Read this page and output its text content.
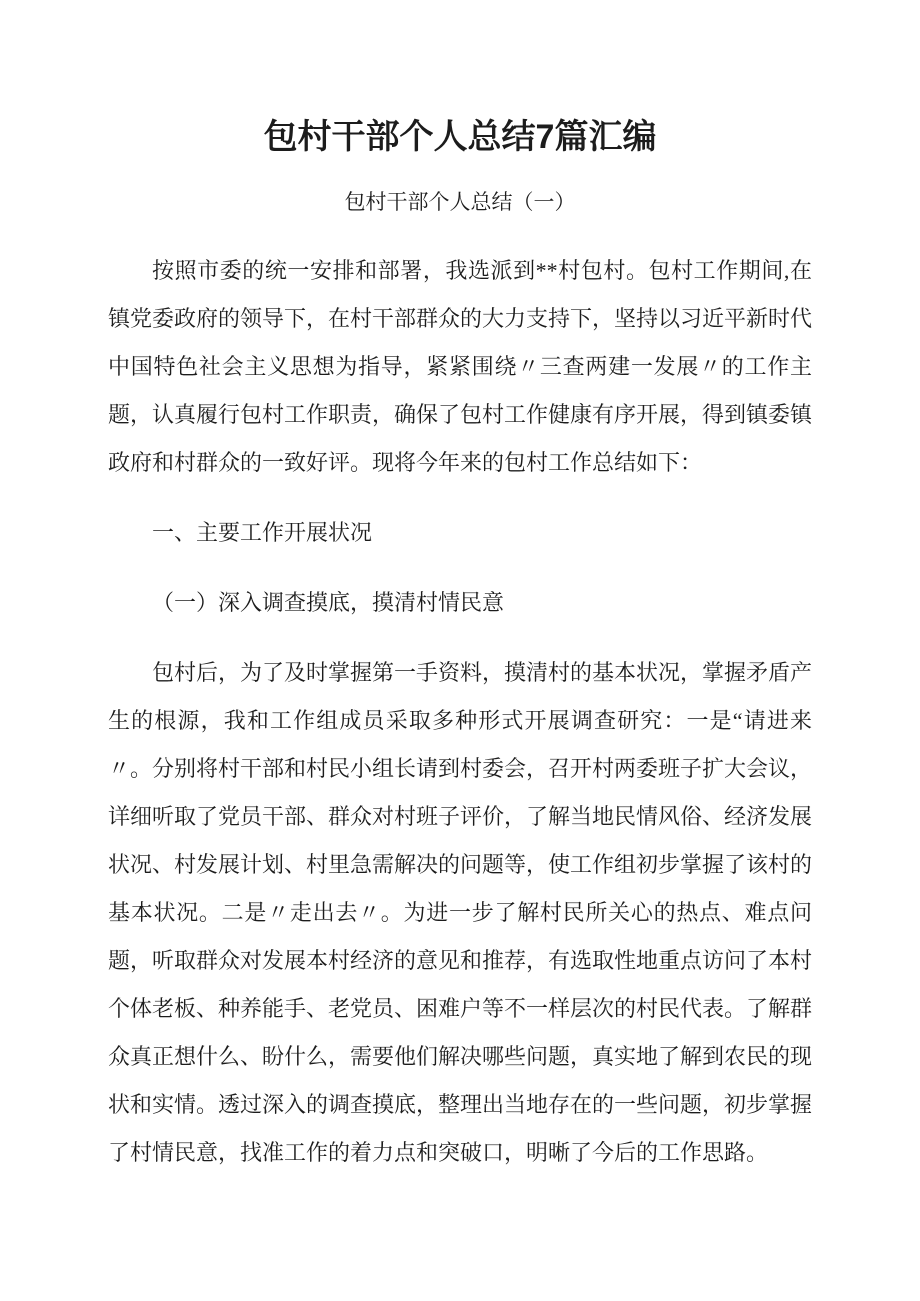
包村干部个人总结7篇汇编
包村干部个人总结（一）

按照市委的统一安排和部署，我选派到**村包村。包村工作期间,在镇党委政府的领导下，在村干部群众的大力支持下，坚持以习近平新时代中国特色社会主义思想为指导，紧紧围绕〃三查两建一发展〃的工作主题，认真履行包村工作职责，确保了包村工作健康有序开展，得到镇委镇政府和村群众的一致好评。现将今年来的包村工作总结如下：

一、主要工作开展状况

（一）深入调查摸底，摸清村情民意

包村后，为了及时掌握第一手资料，摸清村的基本状况，掌握矛盾产生的根源，我和工作组成员采取多种形式开展调查研究：一是“请进来〃。分别将村干部和村民小组长请到村委会，召开村两委班子扩大会议，详细听取了党员干部、群众对村班子评价，了解当地民情风俗、经济发展状况、村发展计划、村里急需解决的问题等，使工作组初步掌握了该村的基本状况。二是〃走出去〃。为进一步了解村民所关心的热点、难点问题，听取群众对发展本村经济的意见和推荐，有选取性地重点访问了本村个体老板、种养能手、老党员、困难户等不一样层次的村民代表。了解群众真正想什么、盼什么，需要他们解决哪些问题，真实地了解到农民的现状和实情。透过深入的调查摸底，整理出当地存在的一些问题，初步掌握了村情民意，找准工作的着力点和突破口，明晰了今后的工作思路。
